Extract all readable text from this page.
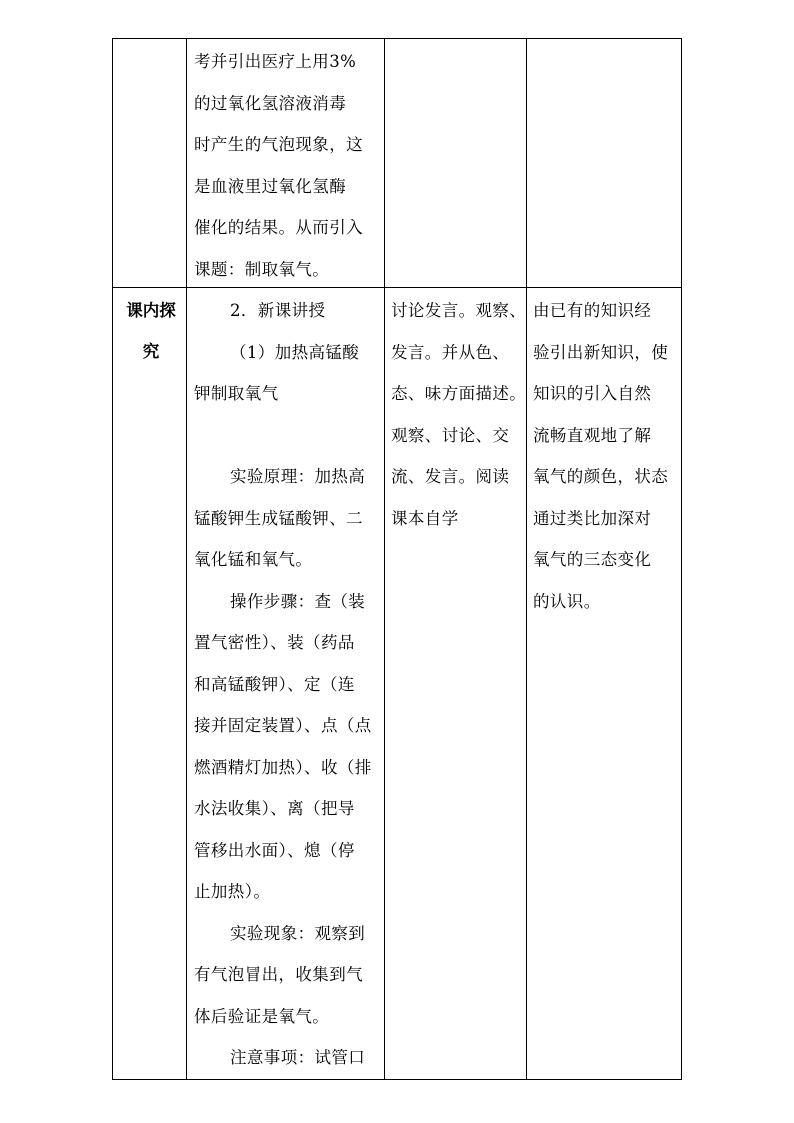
考并引出医疗上用3%

的过氧化氢溶液消毒

时产生的气泡现象，这

是血液里过氧化氢酶

催化的结果。从而引入

课题：制取氧气。

课内探

究

2．新课讲授

（1）加热高锰酸

钾制取氧气

实验原理：加热高

锰酸钾生成锰酸钾、二

氧化锰和氧气。

操作步骤：查（装

置气密性）、装（药品

和高锰酸钾）、定（连

接并固定装置）、点（点

燃酒精灯加热）、收（排

水法收集）、离（把导

管移出水面）、熄（停

止加热）。

实验现象：观察到

有气泡冒出，收集到气

体后验证是氧气。

注意事项：试管口

讨论发言。观察、

发言。并从色、

态、味方面描述。

观察、讨论、交

流、发言。阅读

课本自学

由已有的知识经

验引出新知识，使

知识的引入自然

流畅直观地了解

氧气的颜色，状态

通过类比加深对

氧气的三态变化

的认识。
